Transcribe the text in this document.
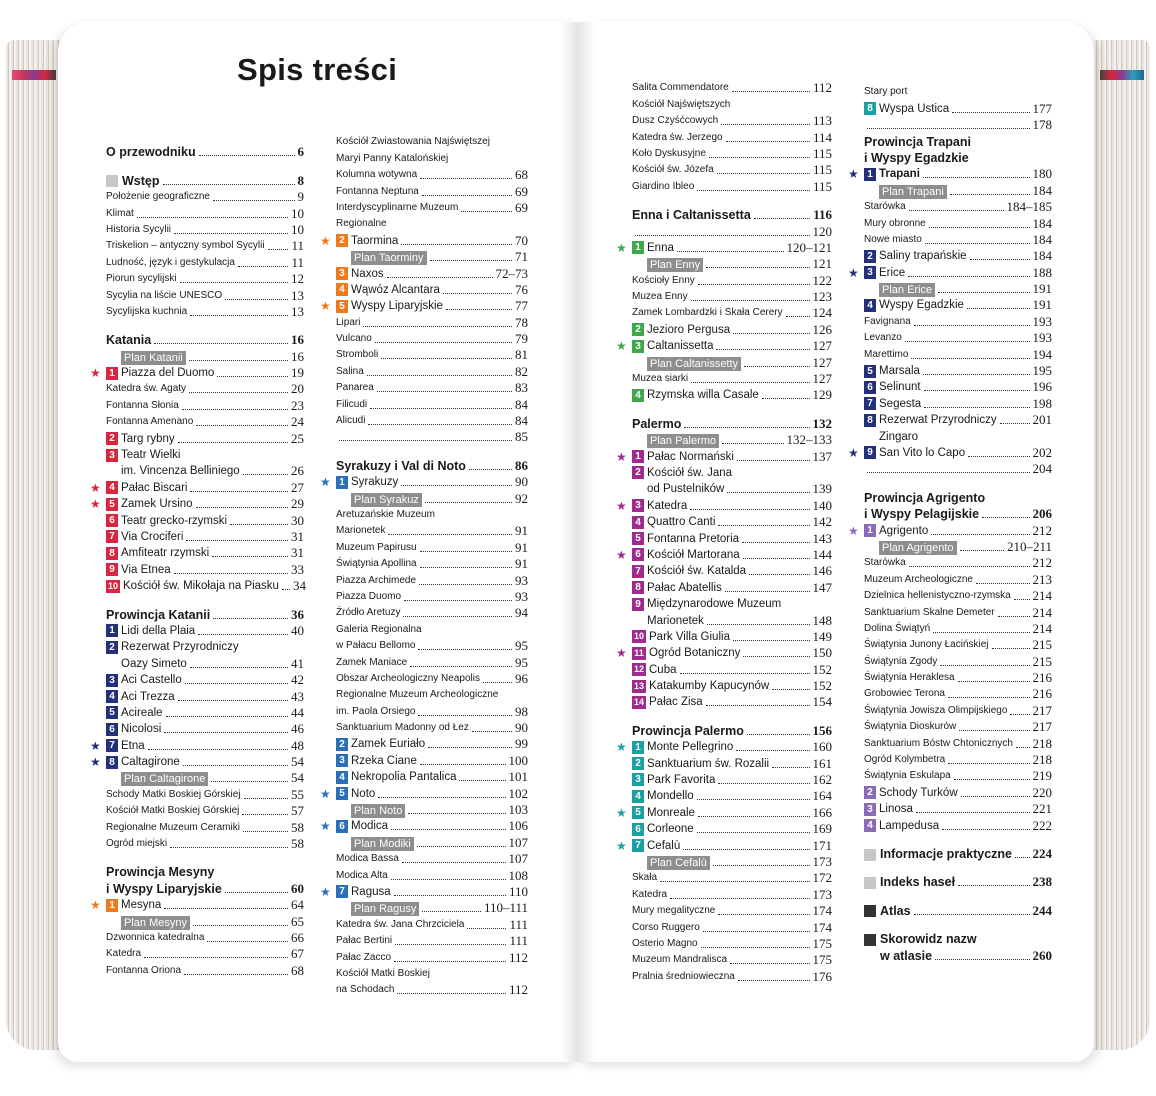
Spis treści
O przewodniku	6
Wstęp	8
Położenie geograficzne	9
Klimat	10
Historia Sycylii	10
Triskelion – antyczny symbol Sycylii 11
Ludność, język i gestykulacja	11
Piorun sycylijski	12
Sycylia na liście UNESCO	13
Sycylijska kuchnia	13
Katania	16
Plan Katanii	16
★ 1 Piazza del Duomo	19
Katedra św. Agaty	20
Fontanna Słonia	23
Fontanna Amenano	24
2 Targ rybny	25
3 Teatr Wielki
im. Vincenza Belliniego	26
★ 4 Pałac Biscari	27
★ 5 Zamek Ursino	29
6 Teatr grecko-rzymski	30
7 Via Crociferi	31
8 Amfiteatr rzymski	31
9 Via Etnea	33
10 Kościół św. Mikołaja na Piasku 34
Prowincja Katanii	36
1 Lidi della Plaia	40
2 Rezerwat Przyrodniczy
Oazy Simeto	41
3 Aci Castello	42
4 Aci Trezza	43
5 Acireale	44
6 Nicolosi	46
★ 7 Etna	48
★ 8 Caltagirone	54
Plan Caltagirone	54
Schody Matki Boskiej Górskiej	55
Kościół Matki Boskiej Górskiej	57
Regionalne Muzeum Ceramiki	58
Ogród miejski	58
Prowincja Mesyny
i Wyspy Liparyjskie	60
★ 1 Mesyna	64
Plan Mesyny	65
Dzwonnica katedralna	66
Katedra	67
Fontanna Oriona	68
Kościół Zwiastowania Najświętszej
Maryi Panny Katalońskiej
Kolumna wotywna	68
Fontanna Neptuna	69
Interdyscyplinarne Muzeum	69
Regionalne
★ 2 Taormina	70
Plan Taorminy	71
3 Naxos	72–73
4 Wąwóz Alcantara	76
★ 5 Wyspy Liparyjskie	77
Lipari	78
Vulcano	79
Stromboli	81
Salina	82
Panarea	83
Filicudi	84
Alicudi	84
85
Syrakuzy i Val di Noto	86
★ 1 Syrakuzy	90
Plan Syrakuz	92
Aretuzańskie Muzeum
Marionetek	91
Muzeum Papirusu	91
Świątynia Apollina	91
Piazza Archimede	93
Piazza Duomo	93
Źródło Aretuzy	94
Galeria Regionalna
w Pałacu Bellomo	95
Zamek Maniace	95
Obszar Archeologiczny Neapolis	96
Regionalne Muzeum Archeologiczne
im. Paola Orsiego	98
Sanktuarium Madonny od Łez	90
2 Zamek Euriało	99
3 Rzeka Ciane	100
4 Nekropolia Pantalica	101
★ 5 Noto	102
Plan Noto	103
★ 6 Modica	106
Plan Modiki	107
Modica Bassa	107
Modica Alta	108
★ 7 Ragusa	110
Plan Ragusy	110–111
Katedra św. Jana Chrzciciela	111
Pałac Bertini	111
Pałac Zacco	112
Kościół Matki Boskiej
na Schodach	112
Salita Commendatore	112
Kościół Najświętszych
Dusz Czyśćcowych	113
Katedra św. Jerzego	114
Koło Dyskusyjne	115
Kościół św. Józefa	115
Giardino Ibleo	115
Enna i Caltanissetta	116
120
★ 1 Enna	120–121
Plan Enny	121
Kościoły Enny	122
Muzea Enny	123
Zamek Lombardzki i Skała Cerery 124
2 Jezioro Pergusa	126
★ 3 Caltanissetta	127
Plan Caltanissetty	127
Muzea siarki	127
4 Rzymska willa Casale	129
Palermo	132
Plan Palermo	132–133
★ 1 Pałac Normański	137
2 Kościół św. Jana
od Pustelników	139
★ 3 Katedra	140
4 Quattro Canti	142
5 Fontanna Pretoria	143
★ 6 Kościół Martorana	144
7 Kościół św. Katalda	146
8 Pałac Abatellis	147
9 Międzynarodowe Muzeum
Marionetek	148
10 Park Villa Giulia	149
★ 11 Ogród Botaniczny	150
12 Cuba	152
13 Katakumby Kapucynów	152
14 Pałac Zisa	154
Prowincja Palermo	156
★ 1 Monte Pellegrino	160
2 Sanktuarium św. Rozalii	161
3 Park Favorita	162
4 Mondello	164
★ 5 Monreale	166
6 Corleone	169
★ 7 Cefalù	171
Plan Cefalù	173
Skała	172
Katedra	173
Mury megalityczne	174
Corso Ruggero	174
Osterio Magno	175
Muzeum Mandralisca	175
Pralnia średniowieczna	176
Stary port
8 Wyspa Ustica	177
178
Prowincja Trapani
i Wyspy Egadzkie
★ 1 Trapani	180
Plan Trapani	184
Starówka	184–185
Mury obronne	184
Nowe miasto	184
2 Saliny trapańskie	184
★ 3 Erice	188
Plan Erice	191
4 Wyspy Egadzkie	191
Favignana	193
Levanzo	193
Marettimo	194
5 Marsala	195
6 Selinunt	196
7 Segesta	198
8 Rezerwat Przyrodniczy	201
Zingaro
★ 9 San Vito lo Capo	202
204
Prowincja Agrigento
i Wyspy Pelagijskie	206
★ 1 Agrigento	212
Plan Agrigento	210–211
Starówka	212
Muzeum Archeologiczne	213
Dzielnica hellenistyczno-rzymska 214
Sanktuarium Skalne Demeter	214
Dolina Świątyń	214
Świątynia Junony Łacińskiej	215
Świątynia Zgody	215
Świątynia Heraklesa	216
Grobowiec Terona	216
Świątynia Jowisza Olimpijskiego 217
Świątynia Dioskurów	217
Sanktuarium Bóstw Chtonicznych 218
Ogród Kolymbetra	218
Świątynia Eskulapa	219
2 Schody Turków	220
3 Linosa	221
4 Lampedusa	222
Informacje praktyczne 224
Indeks haseł	238
Atlas	244
Skorowidz nazw
w atlasie	260
